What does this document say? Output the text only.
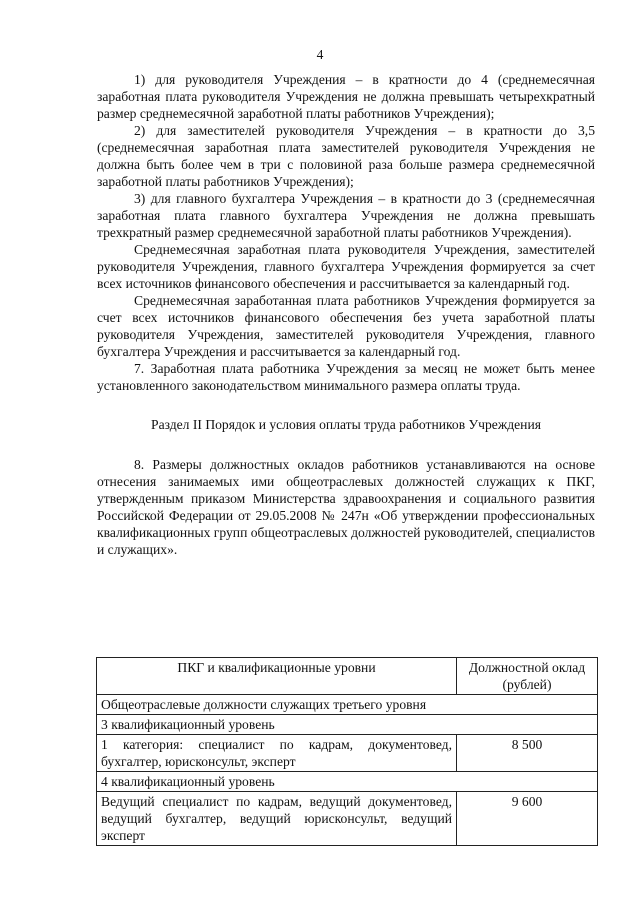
4

1) для руководителя Учреждения – в кратности до 4 (среднемесячная заработная плата руководителя Учреждения не должна превышать четырехкратный размер среднемесячной заработной платы работников Учреждения);

2) для заместителей руководителя Учреждения – в кратности до 3,5 (среднемесячная заработная плата заместителей руководителя Учреждения не должна быть более чем в три с половиной раза больше размера среднемесячной заработной платы работников Учреждения);

3) для главного бухгалтера Учреждения – в кратности до 3 (среднемесячная заработная плата главного бухгалтера Учреждения не должна превышать трехкратный размер среднемесячной заработной платы работников Учреждения).

Среднемесячная заработная плата руководителя Учреждения, заместителей руководителя Учреждения, главного бухгалтера Учреждения формируется за счет всех источников финансового обеспечения и рассчитывается за календарный год.

Среднемесячная заработанная плата работников Учреждения формируется за счет всех источников финансового обеспечения без учета заработной платы руководителя Учреждения, заместителей руководителя Учреждения, главного бухгалтера Учреждения и рассчитывается за календарный год.

7. Заработная плата работника Учреждения за месяц не может быть менее установленного законодательством минимального размера оплаты труда.

Раздел II Порядок и условия оплаты труда работников Учреждения

8. Размеры должностных окладов работников устанавливаются на основе отнесения занимаемых ими общеотраслевых должностей служащих к ПКГ, утвержденным приказом Министерства здравоохранения и социального развития Российской Федерации от 29.05.2008 № 247н «Об утверждении профессиональных квалификационных групп общеотраслевых должностей руководителей, специалистов и служащих».

ПКГ и квалификационные уровни	Должностной оклад (рублей)
Общеотраслевые должности служащих третьего уровня	
3 квалификационный уровень	
1 категория: специалист по кадрам, документовед, бухгалтер, юрисконсульт, эксперт	8 500
4 квалификационный уровень	
Ведущий специалист по кадрам, ведущий документовед, ведущий бухгалтер, ведущий юрисконсульт, ведущий эксперт	9 600
